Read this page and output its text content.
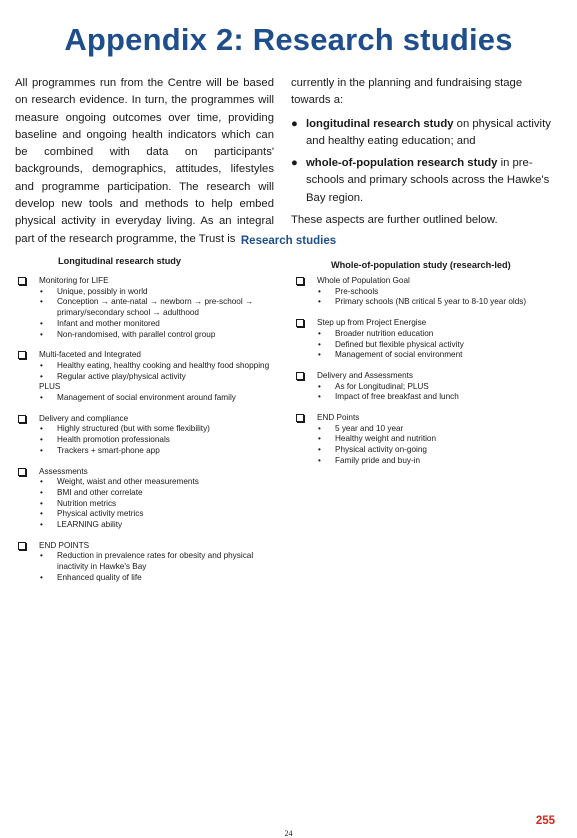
Appendix 2: Research studies
All programmes run from the Centre will be based on research evidence. In turn, the programmes will measure ongoing outcomes over time, providing baseline and ongoing health indicators which can be combined with data on participants' backgrounds, demographics, attitudes, lifestyles and programme participation. The research will develop new tools and methods to help embed physical activity in everyday living. As an integral part of the research programme, the Trust is

currently in the planning and fundraising stage towards a:

● longitudinal research study on physical activity and healthy eating education; and
● whole-of-population research study in pre-schools and primary schools across the Hawke's Bay region.

These aspects are further outlined below.

Research studies
Longitudinal research study	Whole-of-population study (research-led)
Monitoring for LIFE
• Unique, possibly in world
• Conception → ante-natal → newborn → pre-school → primary/secondary school → adulthood
• Infant and mother monitored
• Non-randomised, with parallel control group
Multi-faceted and Integrated
• Healthy eating, healthy cooking and healthy food shopping
• Regular active play/physical activity
PLUS
• Management of social environment around family
Delivery and compliance
• Highly structured (but with some flexibility)
• Health promotion professionals
• Trackers + smart-phone app
Assessments
• Weight, waist and other measurements
• BMI and other correlate
• Nutrition metrics
• Physical activity metrics
• LEARNING ability
END POINTS
• Reduction in prevalence rates for obesity and physical inactivity in Hawke's Bay
• Enhanced quality of life
Whole of Population Goal
• Pre-schools
• Primary schools (NB critical 5 year to 8-10 year olds)
Step up from Project Energise
• Broader nutrition education
• Defined but flexible physical activity
• Management of social environment
Delivery and Assessments
• As for Longitudinal; PLUS
• Impact of free breakfast and lunch
END Points
• 5 year and 10 year
• Healthy weight and nutrition
• Physical activity on-going
• Family pride and buy-in
255
24
